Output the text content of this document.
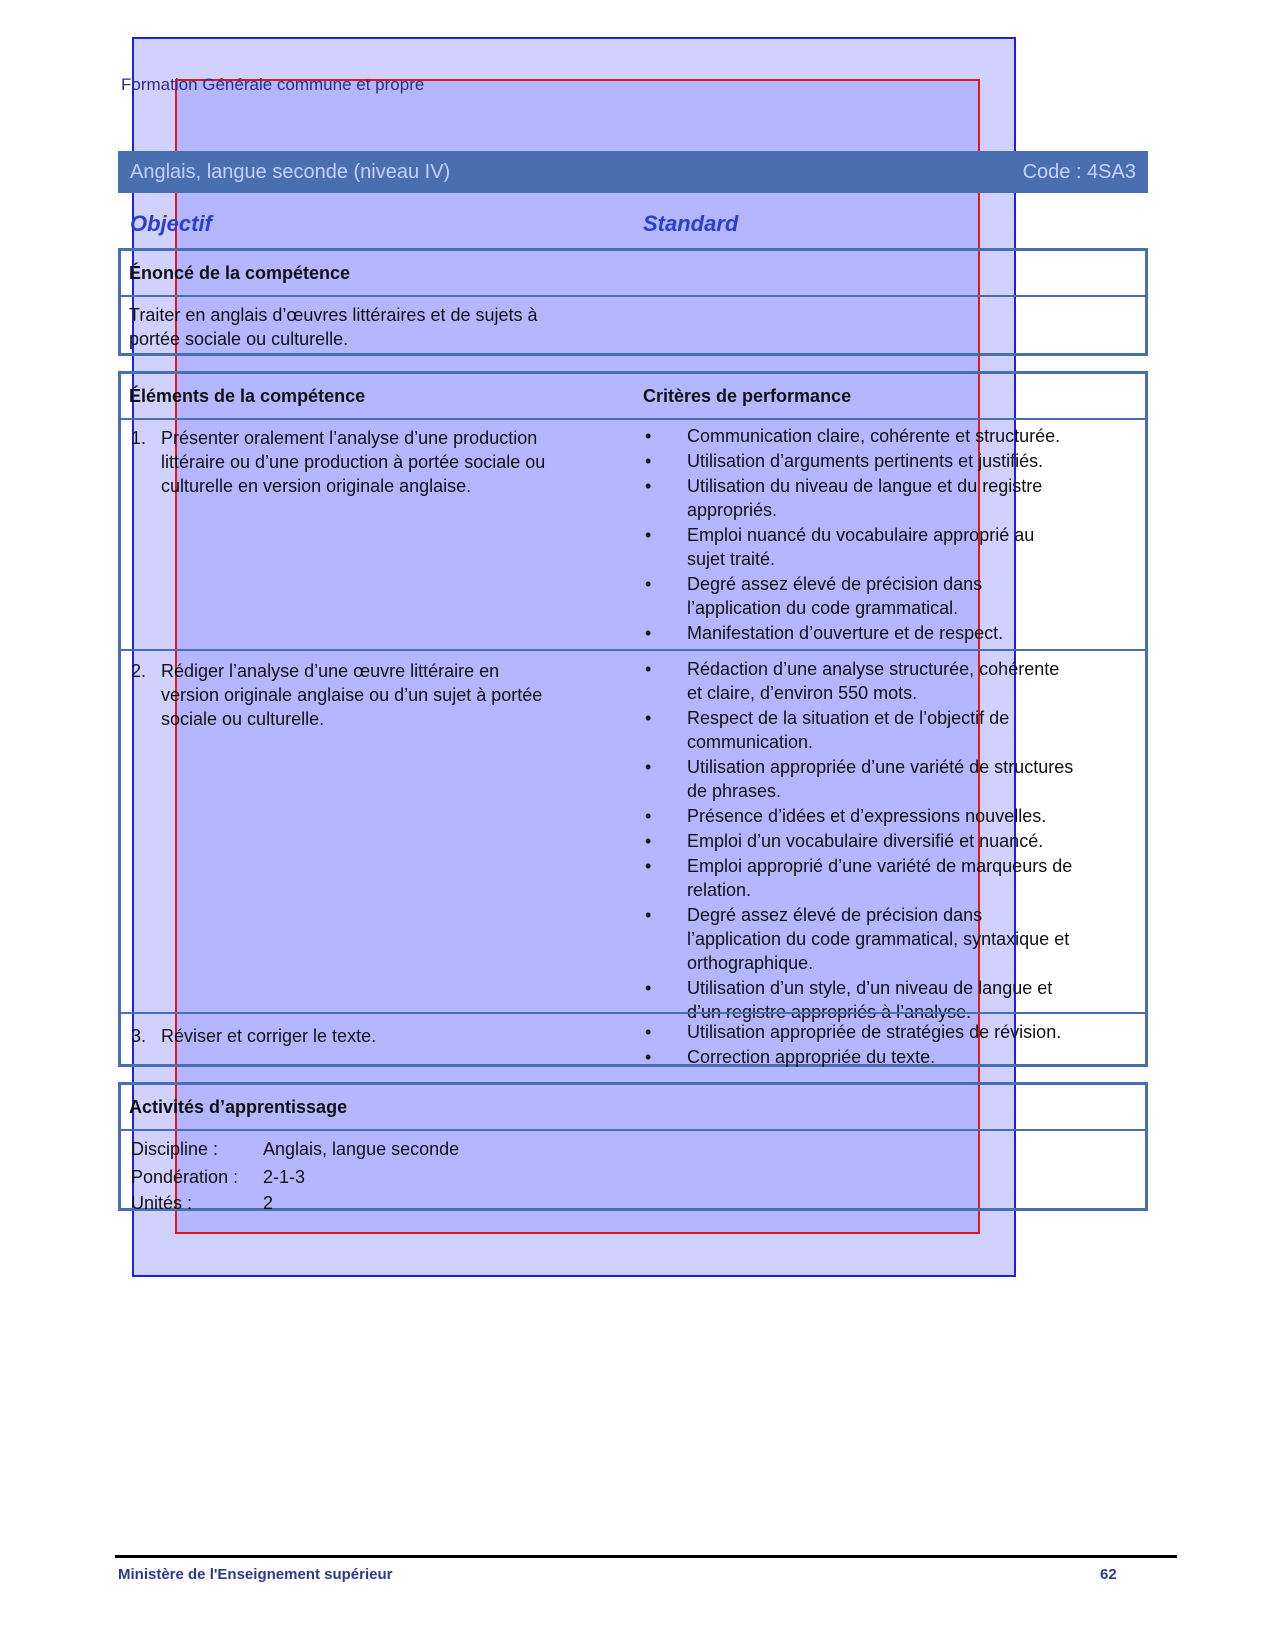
Formation Générale commune et propre
Anglais, langue seconde (niveau IV)	Code : 4SA3
Objectif	Standard
Énoncé de la compétence
Traiter en anglais d’œuvres littéraires et de sujets à
portée sociale ou culturelle.
Éléments de la compétence	Critères de performance
1. Présenter oralement l’analyse d’une production
littéraire ou d’une production à portée sociale ou
culturelle en version originale anglaise.
• Communication claire, cohérente et structurée.
• Utilisation d’arguments pertinents et justifiés.
• Utilisation du niveau de langue et du registre
appropriés.
• Emploi nuancé du vocabulaire approprié au
sujet traité.
• Degré assez élevé de précision dans
l’application du code grammatical.
• Manifestation d’ouverture et de respect.
2. Rédiger l’analyse d’une œuvre littéraire en
version originale anglaise ou d’un sujet à portée
sociale ou culturelle.
• Rédaction d’une analyse structurée, cohérente
et claire, d’environ 550 mots.
• Respect de la situation et de l’objectif de
communication.
• Utilisation appropriée d’une variété de structures
de phrases.
• Présence d’idées et d’expressions nouvelles.
• Emploi d’un vocabulaire diversifié et nuancé.
• Emploi approprié d’une variété de marqueurs de
relation.
• Degré assez élevé de précision dans
l’application du code grammatical, syntaxique et
orthographique.
• Utilisation d’un style, d’un niveau de langue et
d’un registre appropriés à l’analyse.
3. Réviser et corriger le texte.	• Utilisation appropriée de stratégies de révision.
• Correction appropriée du texte.
Activités d’apprentissage
Discipline : Anglais, langue seconde
Pondération : 2-1-3
Unités :	2
Ministère de l'Enseignement supérieur	62
